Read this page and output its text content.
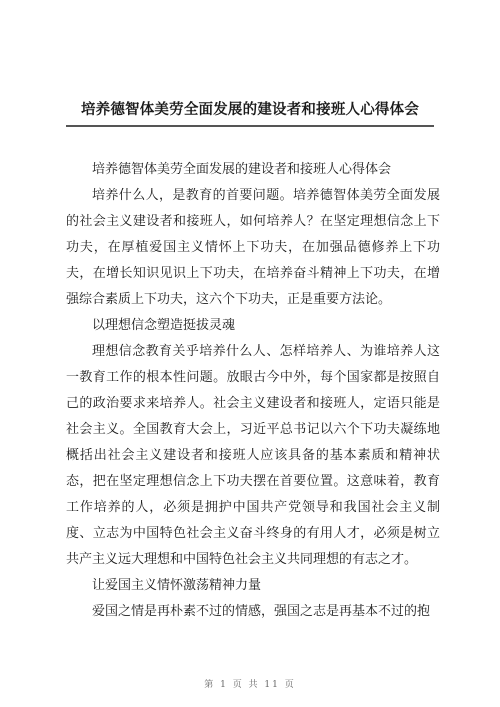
培养德智体美劳全面发展的建设者和接班人心得体会

培养德智体美劳全面发展的建设者和接班人心得体会

培养什么人，是教育的首要问题。培养德智体美劳全面发展的社会主义建设者和接班人，如何培养人？在坚定理想信念上下功夫，在厚植爱国主义情怀上下功夫，在加强品德修养上下功夫，在增长知识见识上下功夫，在培养奋斗精神上下功夫，在增强综合素质上下功夫，这六个下功夫，正是重要方法论。

以理想信念塑造挺拔灵魂

理想信念教育关乎培养什么人、怎样培养人、为谁培养人这一教育工作的根本性问题。放眼古今中外，每个国家都是按照自己的政治要求来培养人。社会主义建设者和接班人，定语只能是社会主义。全国教育大会上，习近平总书记以六个下功夫凝练地概括出社会主义建设者和接班人应该具备的基本素质和精神状态，把在坚定理想信念上下功夫摆在首要位置。这意味着，教育工作培养的人，必须是拥护中国共产党领导和我国社会主义制度、立志为中国特色社会主义奋斗终身的有用人才，必须是树立共产主义远大理想和中国特色社会主义共同理想的有志之才。

让爱国主义情怀激荡精神力量

爱国之情是再朴素不过的情感，强国之志是再基本不过的抱

第 1 页 共 11 页
